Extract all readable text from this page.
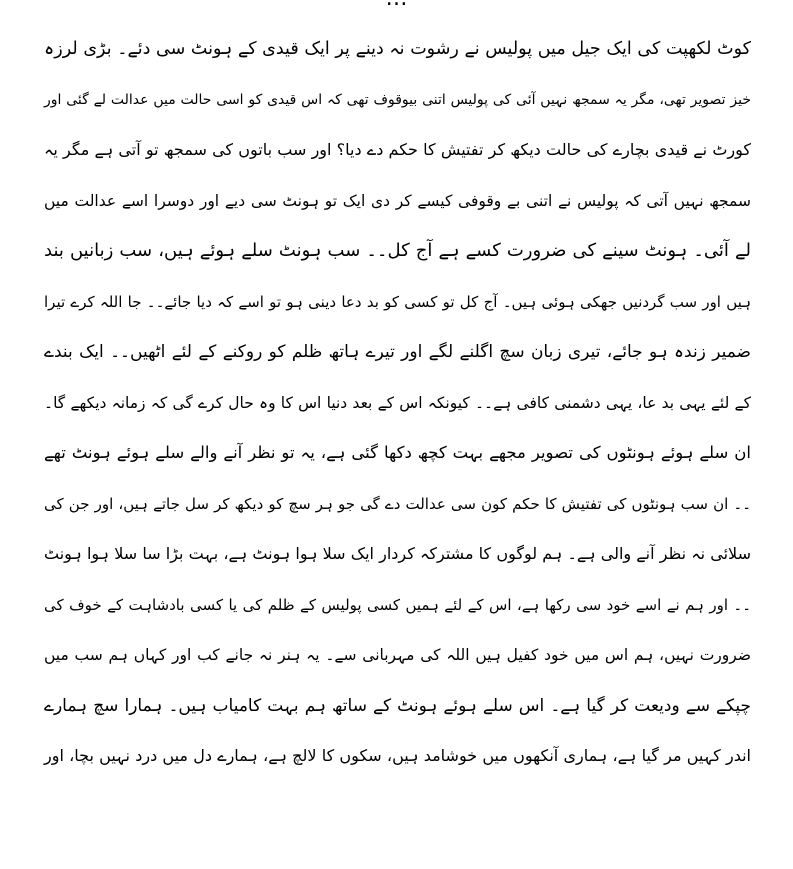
کوٹ لکھپت کی ایک جیل میں پولیس نے رشوت نہ دینے پر ایک قیدی کے ہونٹ سی دئے۔ بڑی لرزہ
خیز تصویر تھی، مگر یہ سمجھ نہیں آئی کی پولیس اتنی بیوقوف تھی کہ اس قیدی کو اسی حالت میں عدالت لے گئی اور
کورٹ نے قیدی بچارے کی حالت دیکھ کر تفتیش کا حکم دے دیا؟ اور سب باتوں کی سمجھ تو آتی ہے مگر یہ
سمجھ نہیں آتی کہ پولیس نے اتنی بے وقوفی کیسے کر دی ایک تو ہونٹ سی دیے اور دوسرا اسے عدالت میں
لے آئی۔ ہونٹ سینے کی ضرورت کسے ہے آج کل۔۔ سب ہونٹ سلے ہوئے ہیں، سب زبانیں بند
ہیں اور سب گردنیں جھکی ہوئی ہیں۔ آج کل تو کسی کو بد دعا دینی ہو تو اسے کہ دیا جائے۔۔ جا اللہ کرے تیرا
ضمیر زندہ ہو جائے، تیری زبان سچ اگلنے لگے اور تیرے ہاتھ ظلم کو روکنے کے لئے اٹھیں۔۔ ایک بندے
کے لئے یہی بد عا، یہی دشمنی کافی ہے۔۔ کیونکہ اس کے بعد دنیا اس کا وہ حال کرے گی کہ زمانہ دیکھے گا۔
ان سلے ہوئے ہونٹوں کی تصویر مجھے بہت کچھ دکھا گئی ہے، یہ تو نظر آنے والے سلے ہوئے ہونٹ تھے
۔۔ ان سب ہونٹوں کی تفتیش کا حکم کون سی عدالت دے گی جو ہر سچ کو دیکھ کر سل جاتے ہیں، اور جن کی
سلائی نہ نظر آنے والی ہے۔ ہم لوگوں کا مشترکہ کردار ایک سلا ہوا ہونٹ ہے، بہت بڑا سا سلا ہوا ہونٹ
۔۔ اور ہم نے اسے خود سی رکھا ہے، اس کے لئے ہمیں کسی پولیس کے ظلم کی یا کسی بادشاہت کے خوف کی
ضرورت نہیں، ہم اس میں خود کفیل ہیں اللہ کی مہربانی سے۔ یہ ہنر نہ جانے کب اور کہاں ہم سب میں
چپکے سے ودیعت کر گیا ہے۔ اس سلے ہوئے ہونٹ کے ساتھ ہم بہت کامیاب ہیں۔ ہمارا سچ ہمارے
اندر کہیں مر گیا ہے، ہماری آنکھوں میں خوشامد ہیں، سکوں کا لالچ ہے، ہمارے دل میں درد نہیں بچا، اور
